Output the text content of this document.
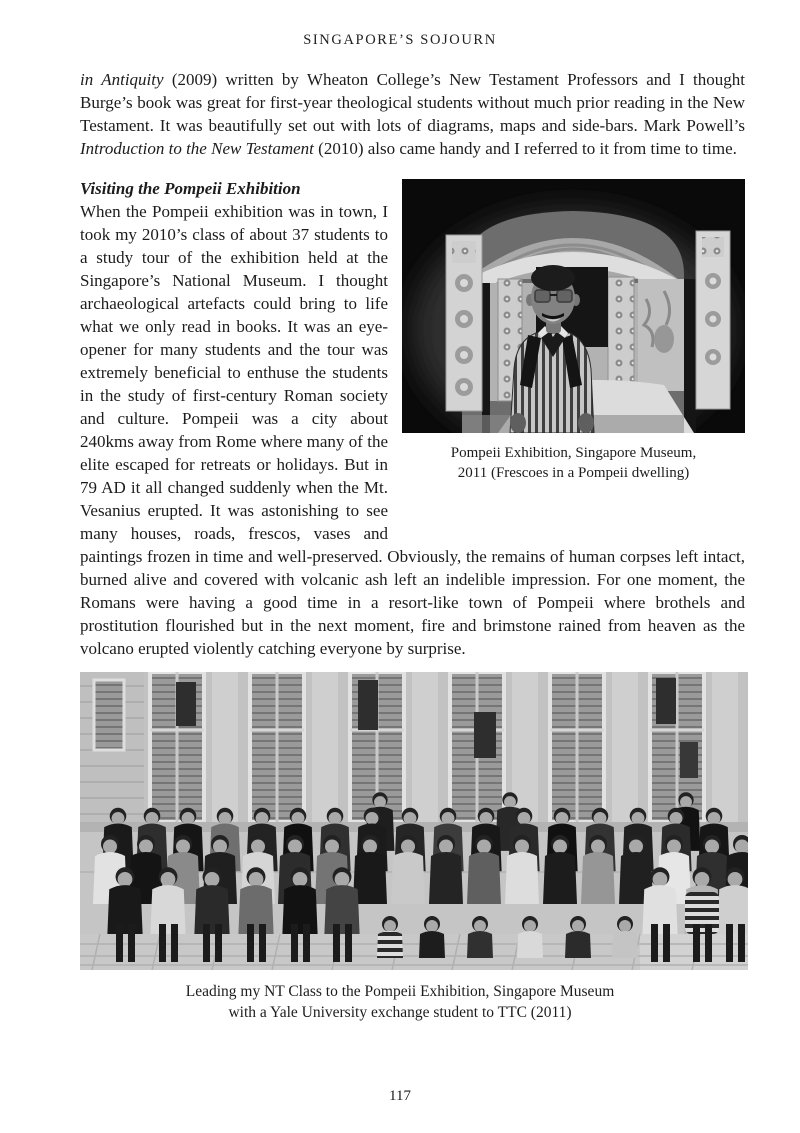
SINGAPORE’S SOJOURN

in Antiquity (2009) written by Wheaton College’s New Testament Professors and I thought Burge’s book was great for first-year theological students without much prior reading in the New Testament. It was beautifully set out with lots of diagrams, maps and side-bars. Mark Powell’s Introduction to the New Testament (2010) also came handy and I referred to it from time to time.

Pompeii Exhibition, Singapore Museum,
2011 (Frescoes in a Pompeii dwelling)
Visiting the Pompeii Exhibition

When the Pompeii exhibition was in town, I took my 2010’s class of about 37 students to a study tour of the exhibition held at the Singapore’s National Museum. I thought archaeological artefacts could bring to life what we only read in books. It was an eye-opener for many students and the tour was extremely beneficial to enthuse the students in the study of first-century Roman society and culture. Pompeii was a city about 240kms away from Rome where many of the elite escaped for retreats or holidays. But in 79 AD it all changed suddenly when the Mt. Vesanius erupted. It was astonishing to see many houses, roads, frescos, vases and paintings frozen in time and well-preserved. Obviously, the remains of human corpses left intact, burned alive and covered with volcanic ash left an indelible impression. For one moment, the Romans were having a good time in a resort-like town of Pompeii where brothels and prostitution flourished but in the next moment, fire and brimstone rained from heaven as the volcano erupted violently catching everyone by surprise.

Leading my NT Class to the Pompeii Exhibition, Singapore Museum
with a Yale University exchange student to TTC (2011)
117
